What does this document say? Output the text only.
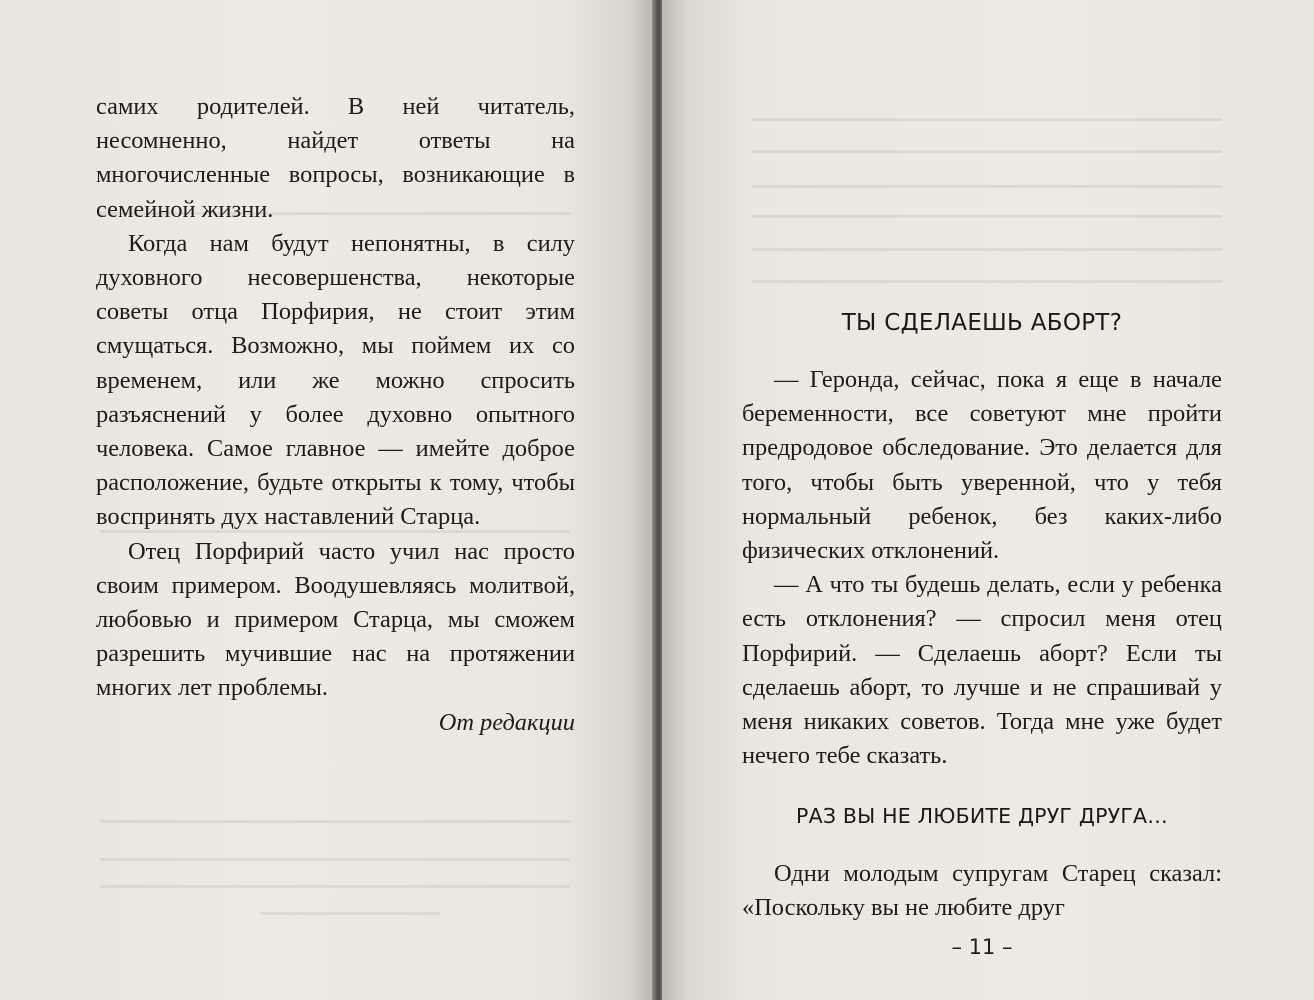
самих родителей. В ней читатель, несомненно, найдет ответы на многочисленные вопросы, возникающие в семейной жизни.

Когда нам будут непонятны, в силу духовного несовершенства, некоторые советы отца Порфирия, не стоит этим смущаться. Возможно, мы поймем их со временем, или же можно спросить разъяснений у более духовно опытного человека. Самое главное — имейте доброе расположение, будьте открыты к тому, чтобы воспринять дух наставлений Старца.

Отец Порфирий часто учил нас просто своим примером. Воодушевляясь молитвой, любовью и примером Старца, мы сможем разрешить мучившие нас на протяжении многих лет проблемы.

От редакции

ТЫ СДЕЛАЕШЬ АБОРТ?

— Геронда, сейчас, пока я еще в начале беременности, все советуют мне пройти предродовое обследование. Это делается для того, чтобы быть уверенной, что у тебя нормальный ребенок, без каких-либо физических отклонений.

— А что ты будешь делать, если у ребенка есть отклонения? — спросил меня отец Порфирий. — Сделаешь аборт? Если ты сделаешь аборт, то лучше и не спрашивай у меня никаких советов. Тогда мне уже будет нечего тебе сказать.

РАЗ ВЫ НЕ ЛЮБИТЕ ДРУГ ДРУГА…

Одни молодым супругам Старец сказал: «Поскольку вы не любите друг

– 11 –
